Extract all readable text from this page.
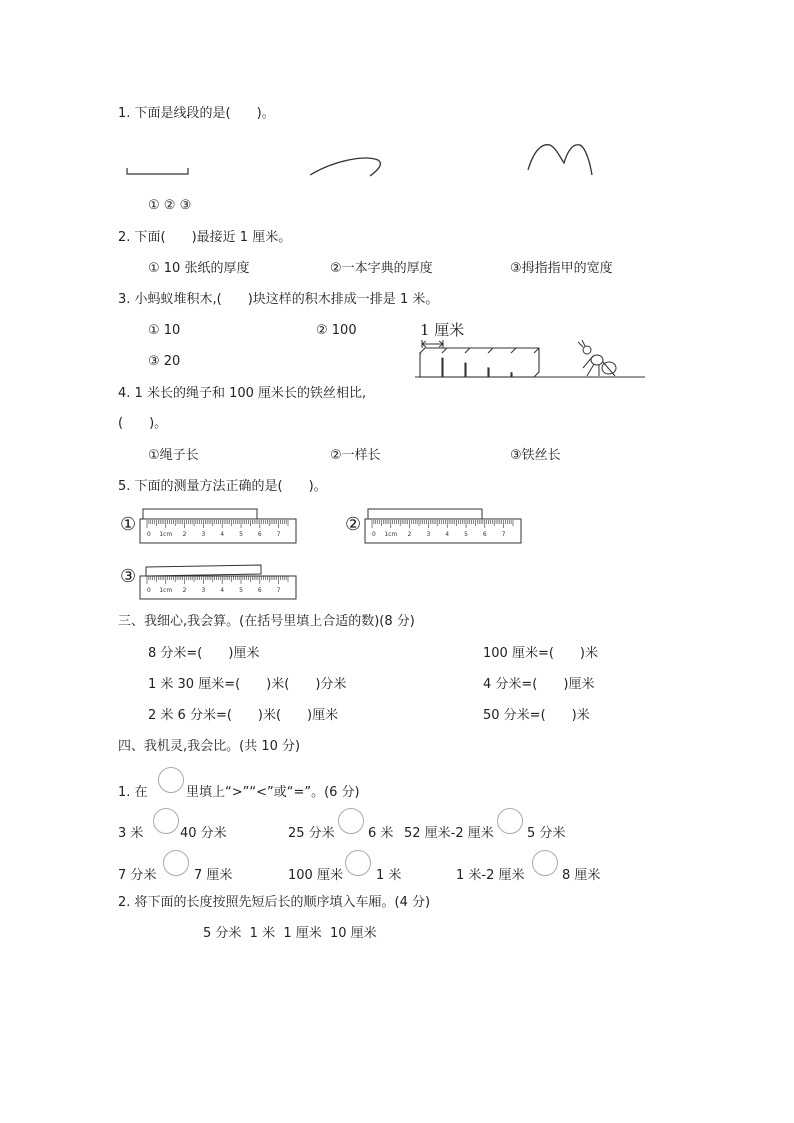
1. 下面是线段的是(　　)。
① ② ③
2. 下面(　　)最接近 1 厘米。
① 10 张纸的厚度	②一本字典的厚度	③拇指指甲的宽度
3. 小蚂蚁堆积木,(　　)块这样的积木排成一排是 1 米。
① 10	② 100
③ 20
1 厘米
4. 1 米长的绳子和 100 厘米长的铁丝相比,
(　　)。
①绳子长	②一样长	③铁丝长
5. 下面的测量方法正确的是(　　)。
① 0 1cm 2 3 4 5 6 7	② 0 1cm 2 3 4 5 6 7
③
0 1cm 2 3 4 5 6 7
三、我细心,我会算。(在括号里填上合适的数)(8 分)
8 分米=(　　)厘米	100 厘米=(　　)米
1 米 30 厘米=(　　)米(　　)分米	4 分米=(　　)厘米
2 米 6 分米=(　　)米(　　)厘米	50 分米=(　　)米
四、我机灵,我会比。(共 10 分)
1. 在	里填上“>”“<”或“=”。(6 分)
3 米	40 分米	25 分米	6 米 52 厘米-2 厘米	5 分米
7 分米	7 厘米	100 厘米	1 米	1 米-2 厘米	8 厘米
2. 将下面的长度按照先短后长的顺序填入车厢。(4 分)
5 分米  1 米  1 厘米  10 厘米
